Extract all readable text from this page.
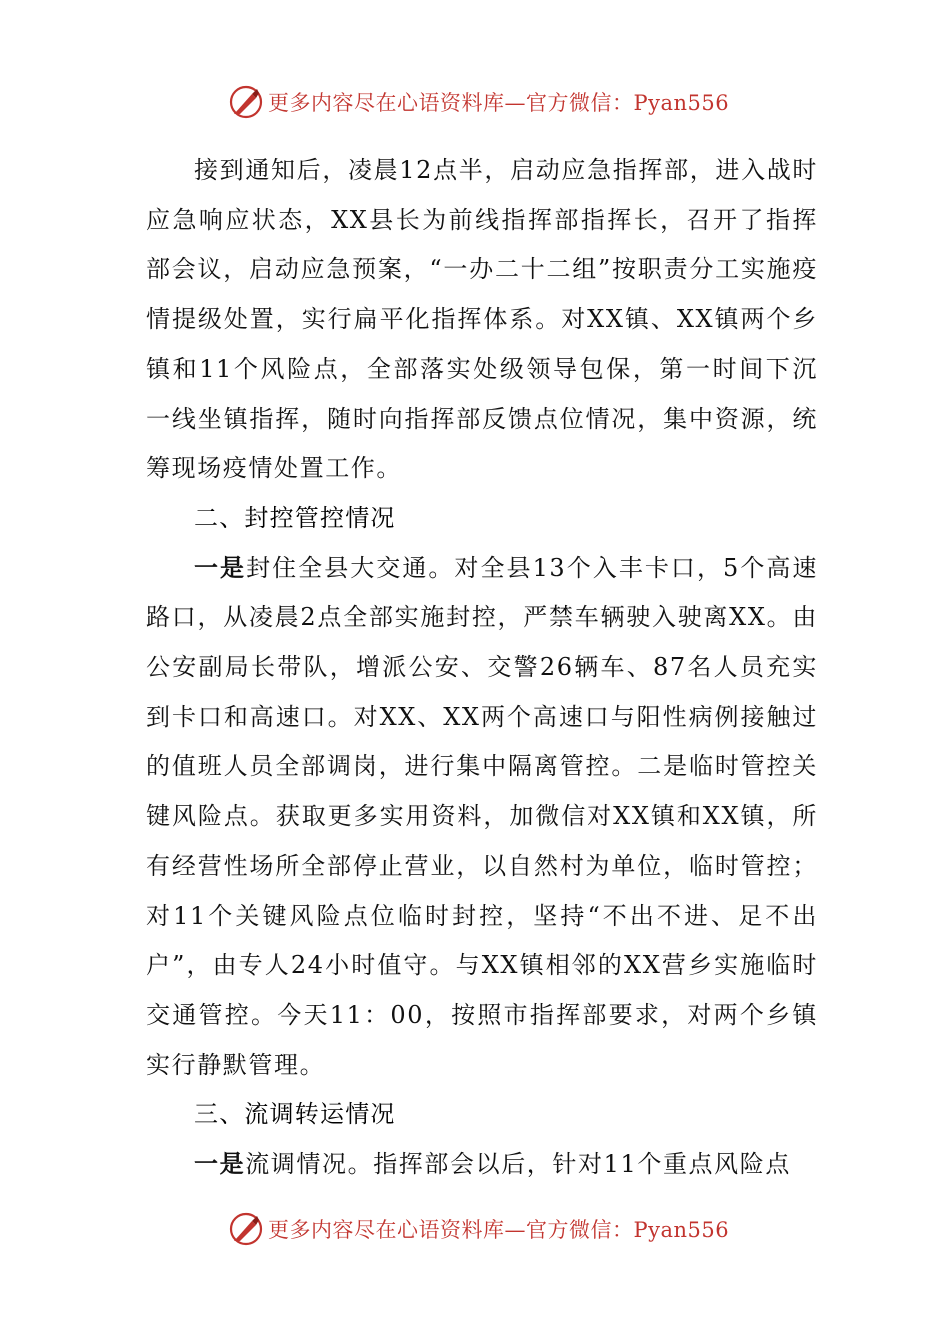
更多内容尽在心语资料库—官方微信：Pyan556

接到通知后，凌晨12点半，启动应急指挥部，进入战时应急响应状态，XX县长为前线指挥部指挥长，召开了指挥部会议，启动应急预案，“一办二十二组”按职责分工实施疫情提级处置，实行扁平化指挥体系。对XX镇、XX镇两个乡镇和11个风险点，全部落实处级领导包保，第一时间下沉一线坐镇指挥，随时向指挥部反馈点位情况，集中资源，统筹现场疫情处置工作。

二、封控管控情况

一是封住全县大交通。对全县13个入丰卡口，5个高速路口，从凌晨2点全部实施封控，严禁车辆驶入驶离XX。由公安副局长带队，增派公安、交警26辆车、87名人员充实到卡口和高速口。对XX、XX两个高速口与阳性病例接触过的值班人员全部调岗，进行集中隔离管控。二是临时管控关键风险点。获取更多实用资料，加微信对XX镇和XX镇，所有经营性场所全部停止营业，以自然村为单位，临时管控；对11个关键风险点位临时封控，坚持“不出不进、足不出户”，由专人24小时值守。与XX镇相邻的XX营乡实施临时交通管控。今天11：00，按照市指挥部要求，对两个乡镇实行静默管理。

三、流调转运情况

一是流调情况。指挥部会以后，针对11个重点风险点

更多内容尽在心语资料库—官方微信：Pyan556
